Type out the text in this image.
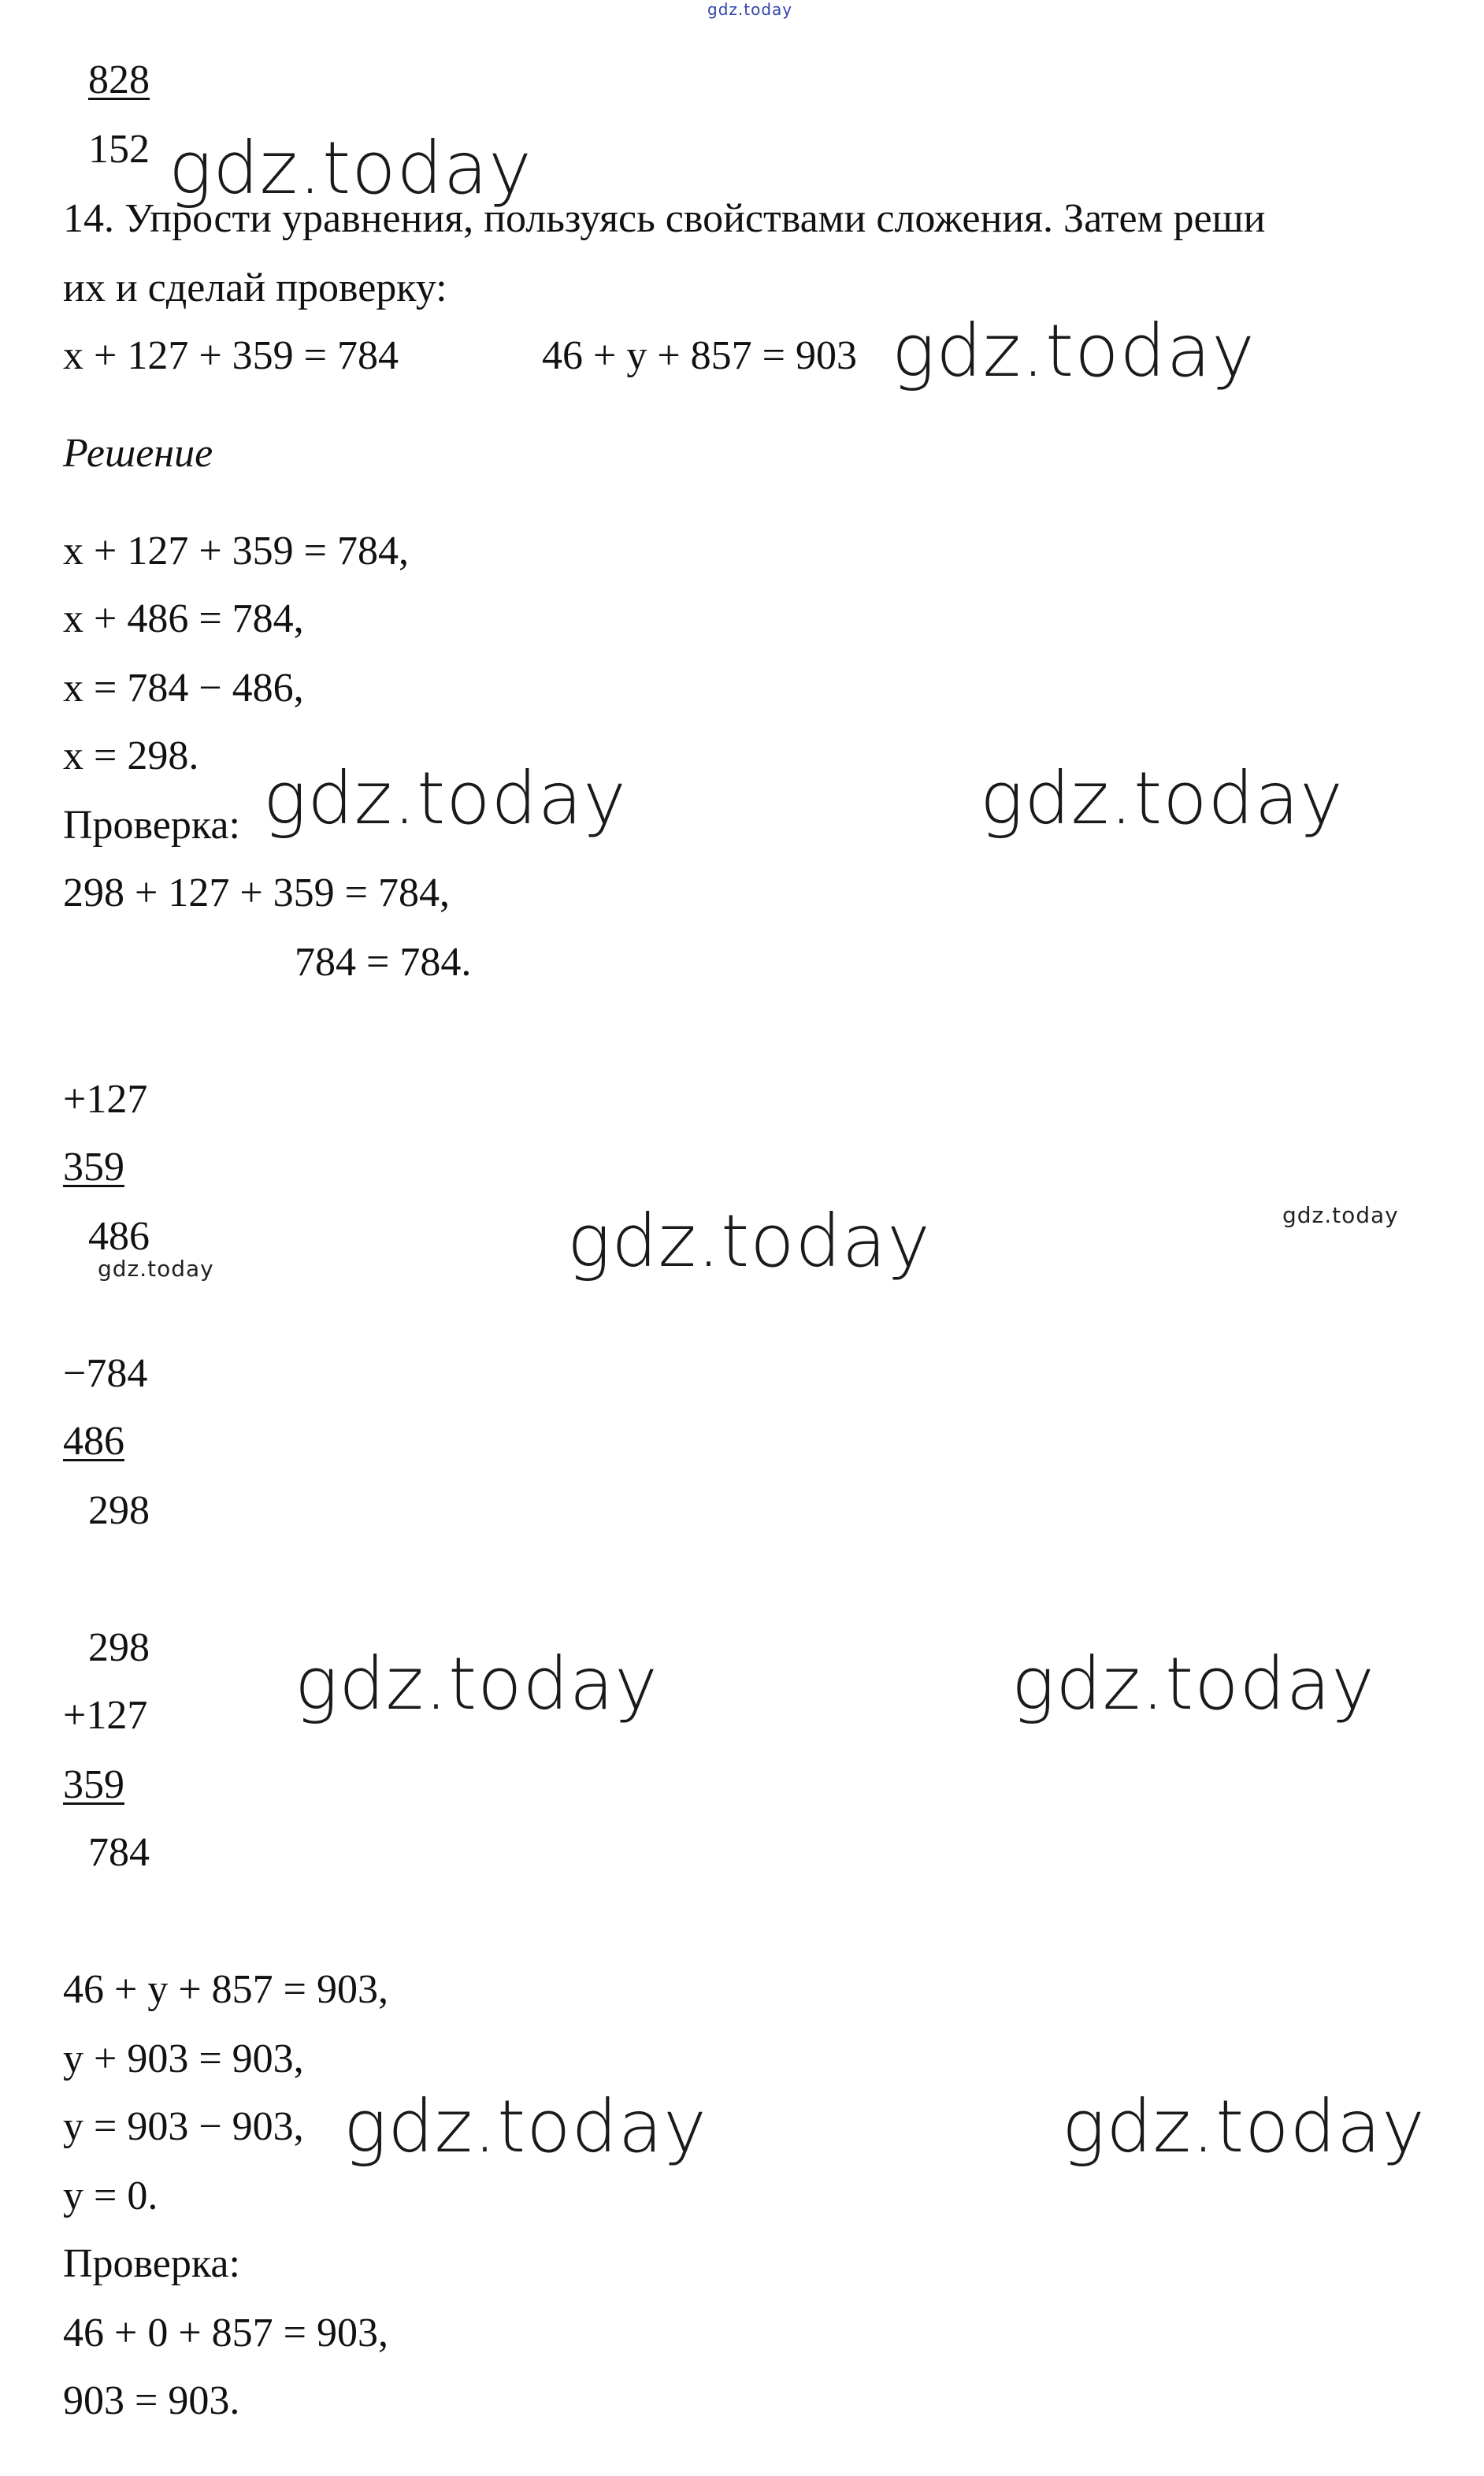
gdz.today
828
152 gdz.today
14. Упрости уравнения, пользуясь свойствами сложения. Затем реши
их и сделай проверку:
x + 127 + 359 = 784	46 + y + 857 = 903 gdz.today
Решение
x + 127 + 359 = 784,
x + 486 = 784,
x = 784 − 486,
x = 298.
Проверка: gdz.today	gdz.today
298 + 127 + 359 = 784,
784 = 784.
+127
359
486
gdz.today	gdz.today	gdz.today
−784
486
298
298
+127
359
784
gdz.today	gdz.today
46 + y + 857 = 903,
y + 903 = 903,
y = 903 − 903, gdz.today	gdz.today
y = 0.
Проверка:
46 + 0 + 857 = 903,
903 = 903.
